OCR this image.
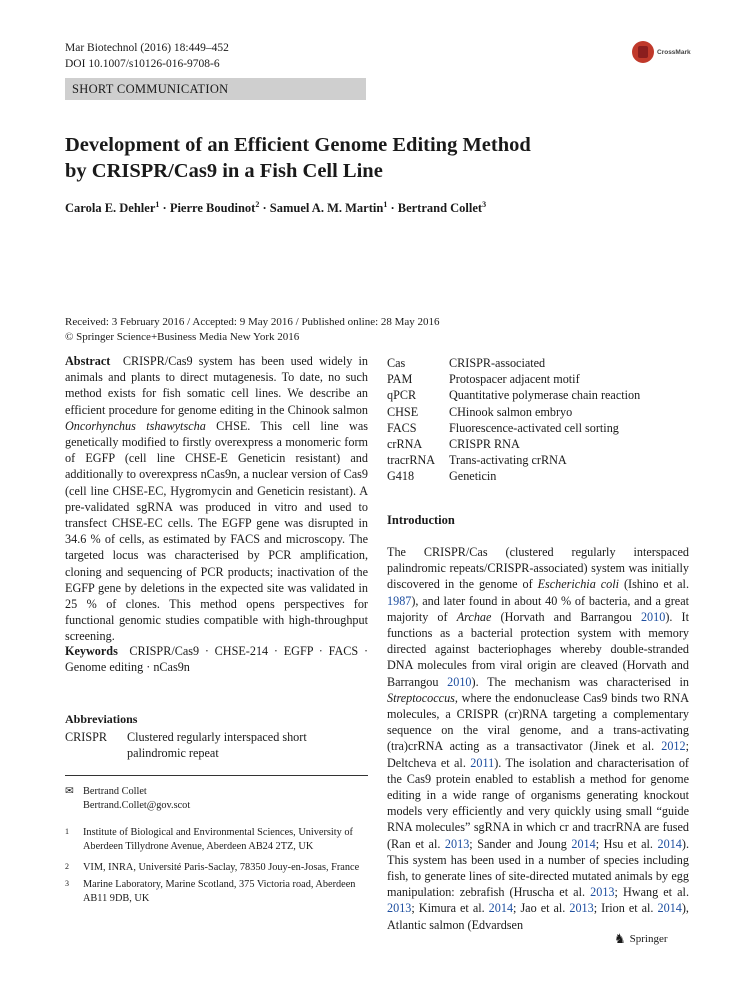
Mar Biotechnol (2016) 18:449–452
DOI 10.1007/s10126-016-9708-6
CrossMark
SHORT COMMUNICATION
Development of an Efficient Genome Editing Method
by CRISPR/Cas9 in a Fish Cell Line
Carola E. Dehler$^1$ · Pierre Boudinot$^2$ · Samuel A. M. Martin$^1$ · Bertrand Collet$^3$
Received: 3 February 2016 / Accepted: 9 May 2016 / Published online: 28 May 2016
© Springer Science+Business Media New York 2016
Abstract CRISPR/Cas9 system has been used widely in animals and plants to direct mutagenesis. To date, no such method exists for fish somatic cell lines. We describe an efficient procedure for genome editing in the Chinook salmon Oncorhynchus tshawytscha CHSE. This cell line was genetically modified to firstly overexpress a monomeric form of EGFP (cell line CHSE-E Geneticin resistant) and additionally to overexpress nCas9n, a nuclear version of Cas9 (cell line CHSE-EC, Hygromycin and Geneticin resistant). A pre-validated sgRNA was produced in vitro and used to transfect CHSE-EC cells. The EGFP gene was disrupted in 34.6 % of cells, as estimated by FACS and microscopy. The targeted locus was characterised by PCR amplification, cloning and sequencing of PCR products; inactivation of the EGFP gene by deletions in the expected site was validated in 25 % of clones. This method opens perspectives for functional genomic studies compatible with high-throughput screening.
Keywords CRISPR/Cas9 · CHSE-214 · EGFP · FACS · Genome editing · nCas9n
Abbreviations
CRISPR	Clustered regularly interspaced short palindromic repeat
✉ Bertrand Collet
Bertrand.Collet@gov.scot
1	Institute of Biological and Environmental Sciences, University of Aberdeen Tillydrone Avenue, Aberdeen AB24 2TZ, UK
2	VIM, INRA, Université Paris-Saclay, 78350 Jouy-en-Josas, France
3	Marine Laboratory, Marine Scotland, 375 Victoria road, Aberdeen AB11 9DB, UK
Cas	CRISPR-associated
PAM	Protospacer adjacent motif
qPCR	Quantitative polymerase chain reaction
CHSE	CHinook salmon embryo
FACS	Fluorescence-activated cell sorting
crRNA	CRISPR RNA
tracrRNA	Trans-activating crRNA
G418	Geneticin
Introduction
The CRISPR/Cas (clustered regularly interspaced palindromic repeats/CRISPR-associated) system was initially discovered in the genome of Escherichia coli (Ishino et al. 1987), and later found in about 40 % of bacteria, and a great majority of Archae (Horvath and Barrangou 2010). It functions as a bacterial protection system with memory directed against bacteriophages whereby double-stranded DNA molecules from viral origin are cleaved (Horvath and Barrangou 2010). The mechanism was characterised in Streptococcus, where the endonuclease Cas9 binds two RNA molecules, a CRISPR (cr)RNA targeting a complementary sequence on the viral genome, and a trans-activating (tra)crRNA acting as a transactivator (Jinek et al. 2012; Deltcheva et al. 2011). The isolation and characterisation of the Cas9 protein enabled to establish a method for genome editing in a wide range of organisms generating knockout models very efficiently and very quickly using small “guide RNA molecules” sgRNA in which cr and tracrRNA are fused (Ran et al. 2013; Sander and Joung 2014; Hsu et al. 2014). This system has been used in a number of species including fish, to generate lines of site-directed mutated animals by egg manipulation: zebrafish (Hruscha et al. 2013; Hwang et al. 2013; Kimura et al. 2014; Jao et al. 2013; Irion et al. 2014), Atlantic salmon (Edvardsen
♞ Springer
